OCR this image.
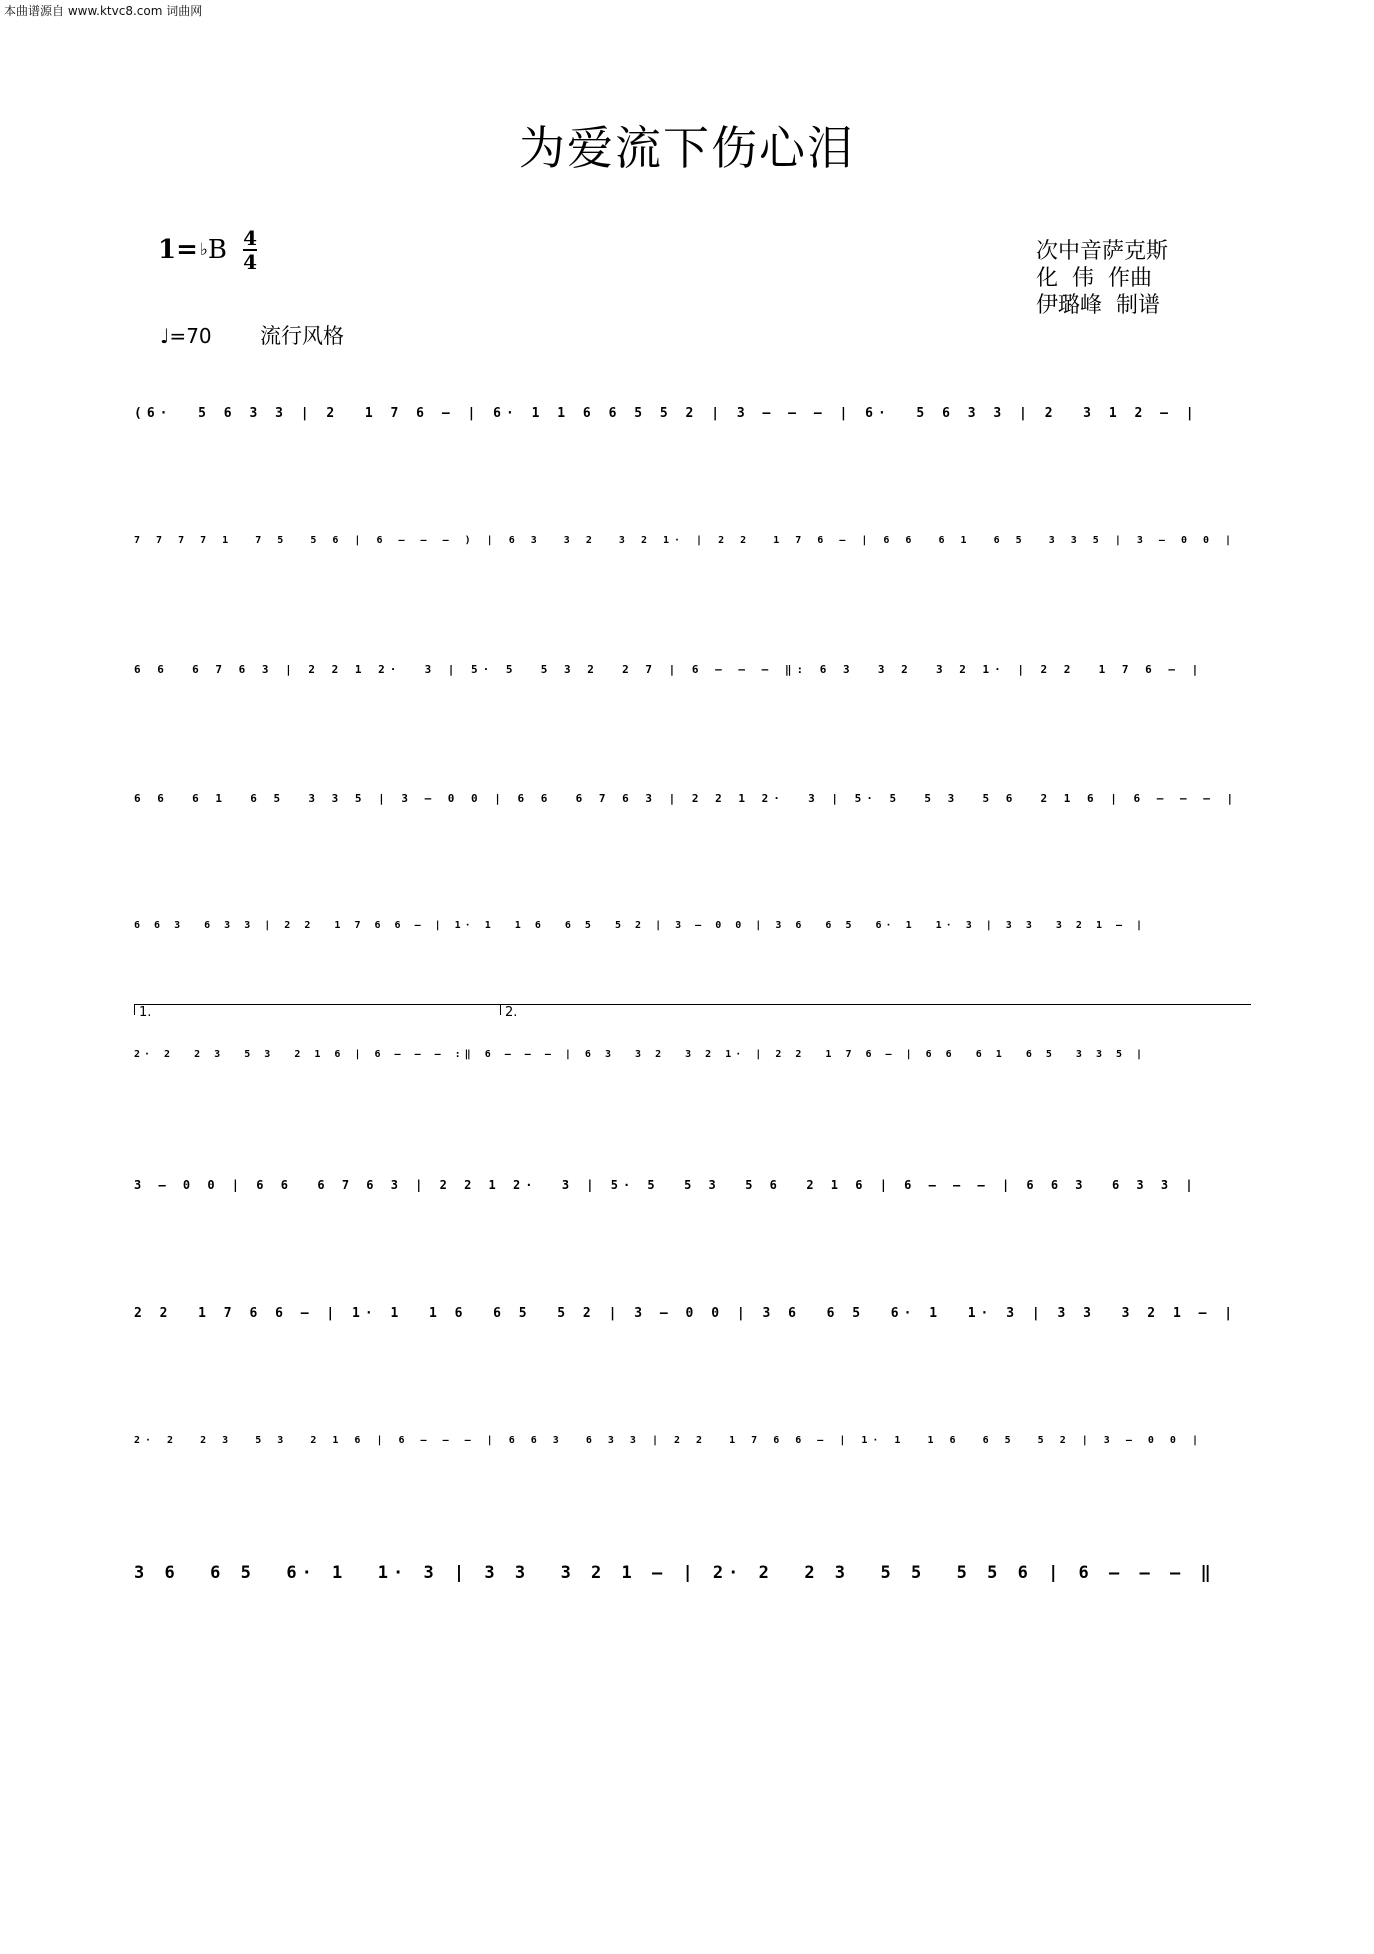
本曲谱源自 www.ktvc8.com 词曲网
为爱流下伤心泪
1= ♭ B 4
4
♩=70 流行风格
次中音萨克斯
化  伟  作曲
伊璐峰  制谱
1.	2.
(6·  5 6 3 3 | 2  1 7 6 – | 6· 1 1 6 6 5 5 2 | 3 – – – | 6·  5 6 3 3 | 2  3 1 2 – |
7 7 7 7 1  7 5  5 6 | 6 – – – ) | 6 3  3 2  3 2 1· | 2 2  1 7 6 – | 6 6  6 1  6 5  3 3 5 | 3 – 0 0 |
6 6  6 7 6 3 | 2 2 1 2·  3 | 5· 5  5 3 2  2 7 | 6 – – – ‖: 6 3  3 2  3 2 1· | 2 2  1 7 6 – |
6 6  6 1  6 5  3 3 5 | 3 – 0 0 | 6 6  6 7 6 3 | 2 2 1 2·  3 | 5· 5  5 3  5 6  2 1 6 | 6 – – – |
6 6 3  6 3 3 | 2 2  1 7 6 6 – | 1· 1  1 6  6 5  5 2 | 3 – 0 0 | 3 6  6 5  6· 1  1· 3 | 3 3  3 2 1 – |
2· 2  2 3  5 3  2 1 6 | 6 – – – :‖ 6 – – – | 6 3  3 2  3 2 1· | 2 2  1 7 6 – | 6 6  6 1  6 5  3 3 5 |
3 – 0 0 | 6 6  6 7 6 3 | 2 2 1 2·  3 | 5· 5  5 3  5 6  2 1 6 | 6 – – – | 6 6 3  6 3 3 |
2 2  1 7 6 6 – | 1· 1  1 6  6 5  5 2 | 3 – 0 0 | 3 6  6 5  6· 1  1· 3 | 3 3  3 2 1 – |
2· 2  2 3  5 3  2 1 6 | 6 – – – | 6 6 3  6 3 3 | 2 2  1 7 6 6 – | 1· 1  1 6  6 5  5 2 | 3 – 0 0 |
3 6  6 5  6· 1  1· 3 | 3 3  3 2 1 – | 2· 2  2 3  5 5  5 5 6 | 6 – – – ‖
